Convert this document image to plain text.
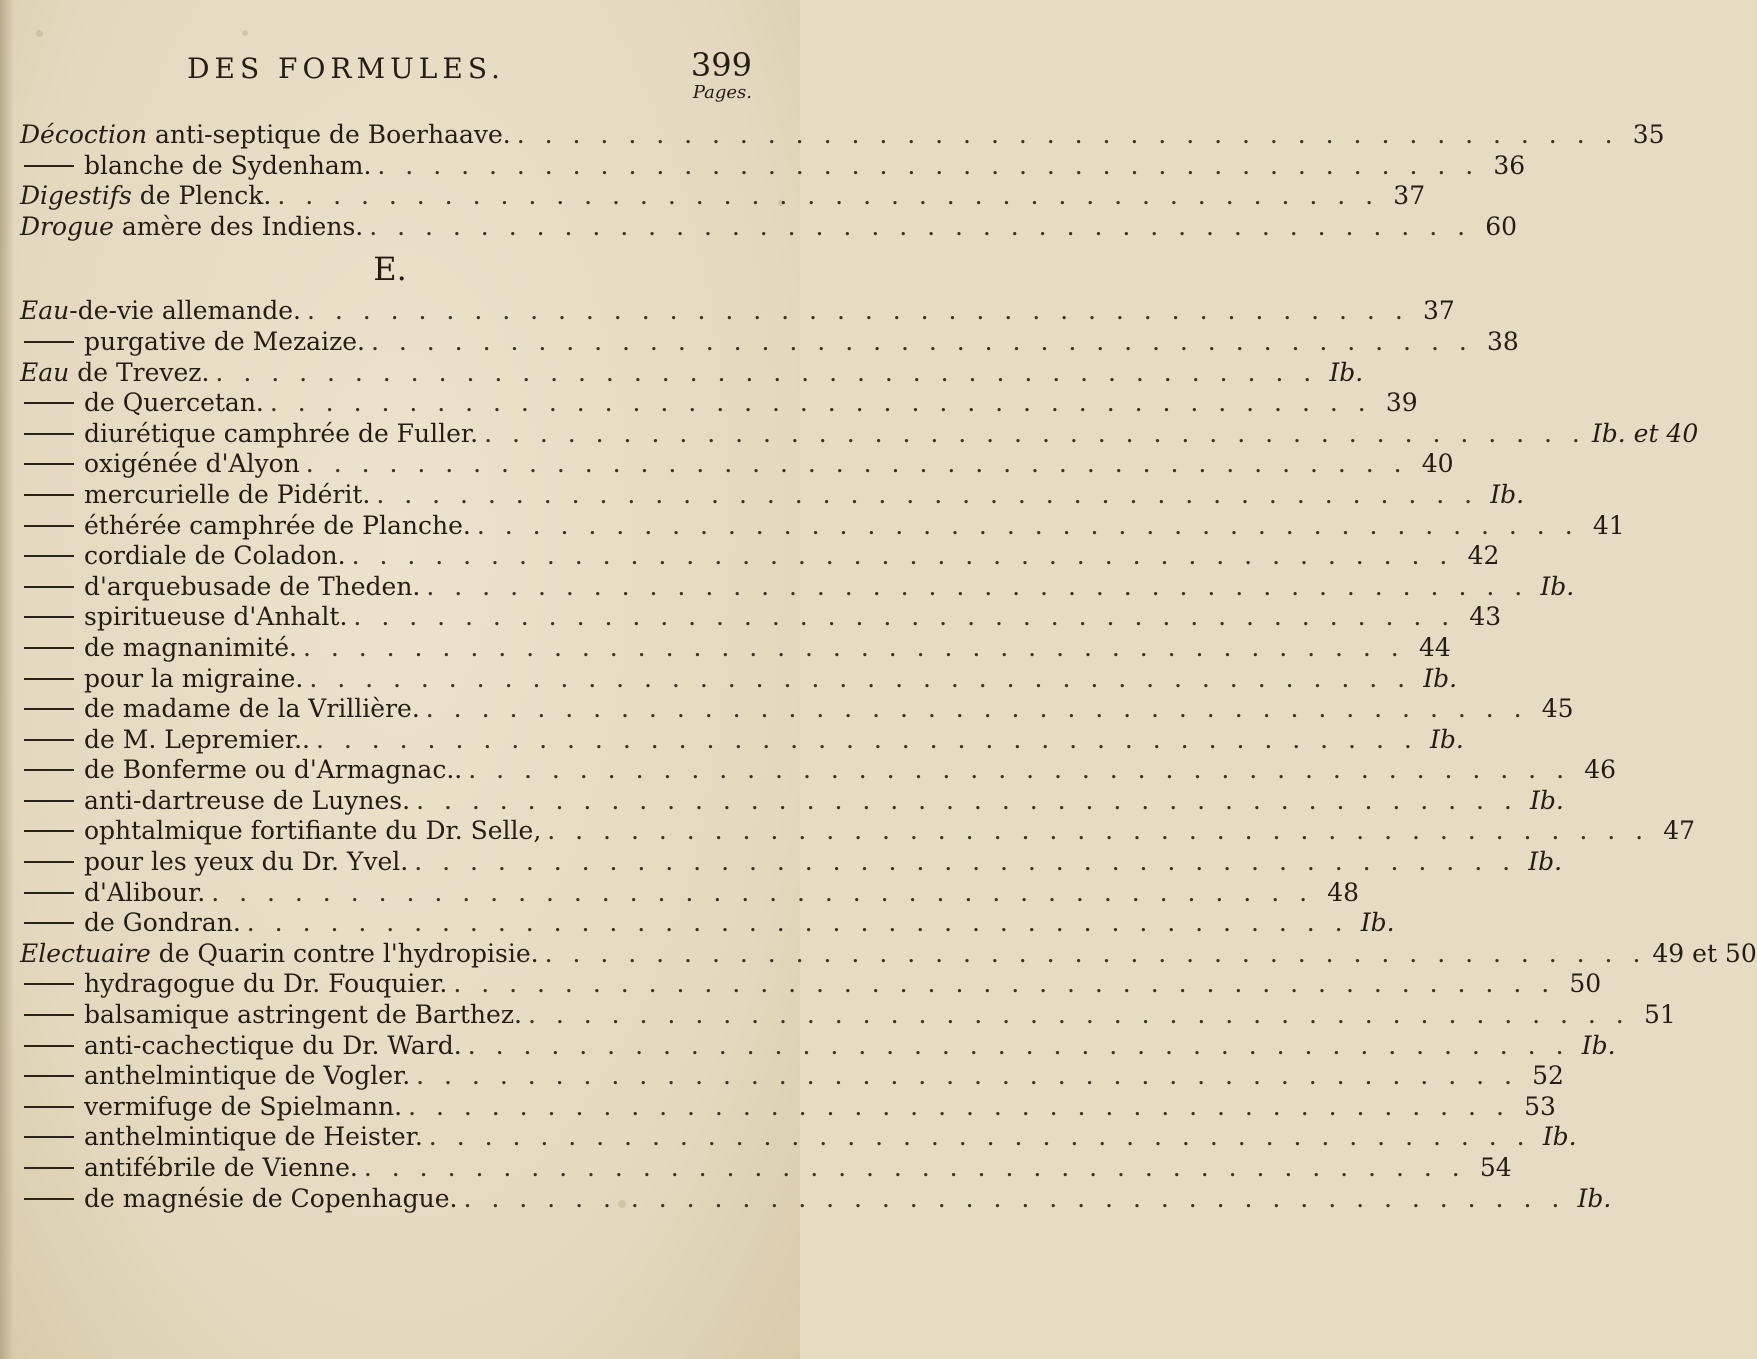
DES FORMULES.	399
Pages.
Décoction anti-septique de Boerhaave. . . . . . . . . . . . . . . . . . . . . . . . . . . . . . . . . . . . . . . . . 35
blanche de Sydenham. . . . . . . . . . . . . . . . . . . . . . . . . . . . . . . . . . . . . . . . . 36
Digestifs de Plenck. . . . . . . . . . . . . . . . . . . . . . . . . . . . . . . . . . . . . . . . . 37
Drogue amère des Indiens. . . . . . . . . . . . . . . . . . . . . . . . . . . . . . . . . . . . . . . . . 60
E.
Eau-de-vie allemande. . . . . . . . . . . . . . . . . . . . . . . . . . . . . . . . . . . . . . . . . 37
purgative de Mezaize. . . . . . . . . . . . . . . . . . . . . . . . . . . . . . . . . . . . . . . . . 38
Eau de Trevez. . . . . . . . . . . . . . . . . . . . . . . . . . . . . . . . . . . . . . . . . Ib.
de Quercetan. . . . . . . . . . . . . . . . . . . . . . . . . . . . . . . . . . . . . . . . . 39
diurétique camphrée de Fuller. . . . . . . . . . . . . . . . . . . . . . . . . . . . . . . . . . . . . . . . . Ib. et 40
oxigénée d'Alyon . . . . . . . . . . . . . . . . . . . . . . . . . . . . . . . . . . . . . . . . 40
mercurielle de Pidérit. . . . . . . . . . . . . . . . . . . . . . . . . . . . . . . . . . . . . . . . . Ib.
éthérée camphrée de Planche. . . . . . . . . . . . . . . . . . . . . . . . . . . . . . . . . . . . . . . . . 41
cordiale de Coladon. . . . . . . . . . . . . . . . . . . . . . . . . . . . . . . . . . . . . . . . . 42
d'arquebusade de Theden. . . . . . . . . . . . . . . . . . . . . . . . . . . . . . . . . . . . . . . . . Ib.
spiritueuse d'Anhalt. . . . . . . . . . . . . . . . . . . . . . . . . . . . . . . . . . . . . . . . . 43
de magnanimité. . . . . . . . . . . . . . . . . . . . . . . . . . . . . . . . . . . . . . . . . 44
pour la migraine. . . . . . . . . . . . . . . . . . . . . . . . . . . . . . . . . . . . . . . . . Ib.
de madame de la Vrillière. . . . . . . . . . . . . . . . . . . . . . . . . . . . . . . . . . . . . . . . . 45
de M. Lepremier.. . . . . . . . . . . . . . . . . . . . . . . . . . . . . . . . . . . . . . . . . Ib.
de Bonferme ou d'Armagnac.. . . . . . . . . . . . . . . . . . . . . . . . . . . . . . . . . . . . . . . . . 46
anti-dartreuse de Luynes. . . . . . . . . . . . . . . . . . . . . . . . . . . . . . . . . . . . . . . . . Ib.
ophtalmique fortifiante du Dr. Selle, . . . . . . . . . . . . . . . . . . . . . . . . . . . . . . . . . . . . . . . . 47
pour les yeux du Dr. Yvel. . . . . . . . . . . . . . . . . . . . . . . . . . . . . . . . . . . . . . . . . Ib.
d'Alibour. . . . . . . . . . . . . . . . . . . . . . . . . . . . . . . . . . . . . . . . . 48
de Gondran. . . . . . . . . . . . . . . . . . . . . . . . . . . . . . . . . . . . . . . . . Ib.
Electuaire de Quarin contre l'hydropisie. . . . . . . . . . . . . . . . . . . . . . . . . . . . . . . . . . . . . . . . . 49 et 50
hydragogue du Dr. Fouquier. . . . . . . . . . . . . . . . . . . . . . . . . . . . . . . . . . . . . . . . . 50
balsamique astringent de Barthez. . . . . . . . . . . . . . . . . . . . . . . . . . . . . . . . . . . . . . . . . 51
anti-cachectique du Dr. Ward. . . . . . . . . . . . . . . . . . . . . . . . . . . . . . . . . . . . . . . . . Ib.
anthelmintique de Vogler. . . . . . . . . . . . . . . . . . . . . . . . . . . . . . . . . . . . . . . . . 52
vermifuge de Spielmann. . . . . . . . . . . . . . . . . . . . . . . . . . . . . . . . . . . . . . . . . 53
anthelmintique de Heister. . . . . . . . . . . . . . . . . . . . . . . . . . . . . . . . . . . . . . . . . Ib.
antifébrile de Vienne. . . . . . . . . . . . . . . . . . . . . . . . . . . . . . . . . . . . . . . . . 54
de magnésie de Copenhague. . . . . . . . . . . . . . . . . . . . . . . . . . . . . . . . . . . . . . . . . Ib.
